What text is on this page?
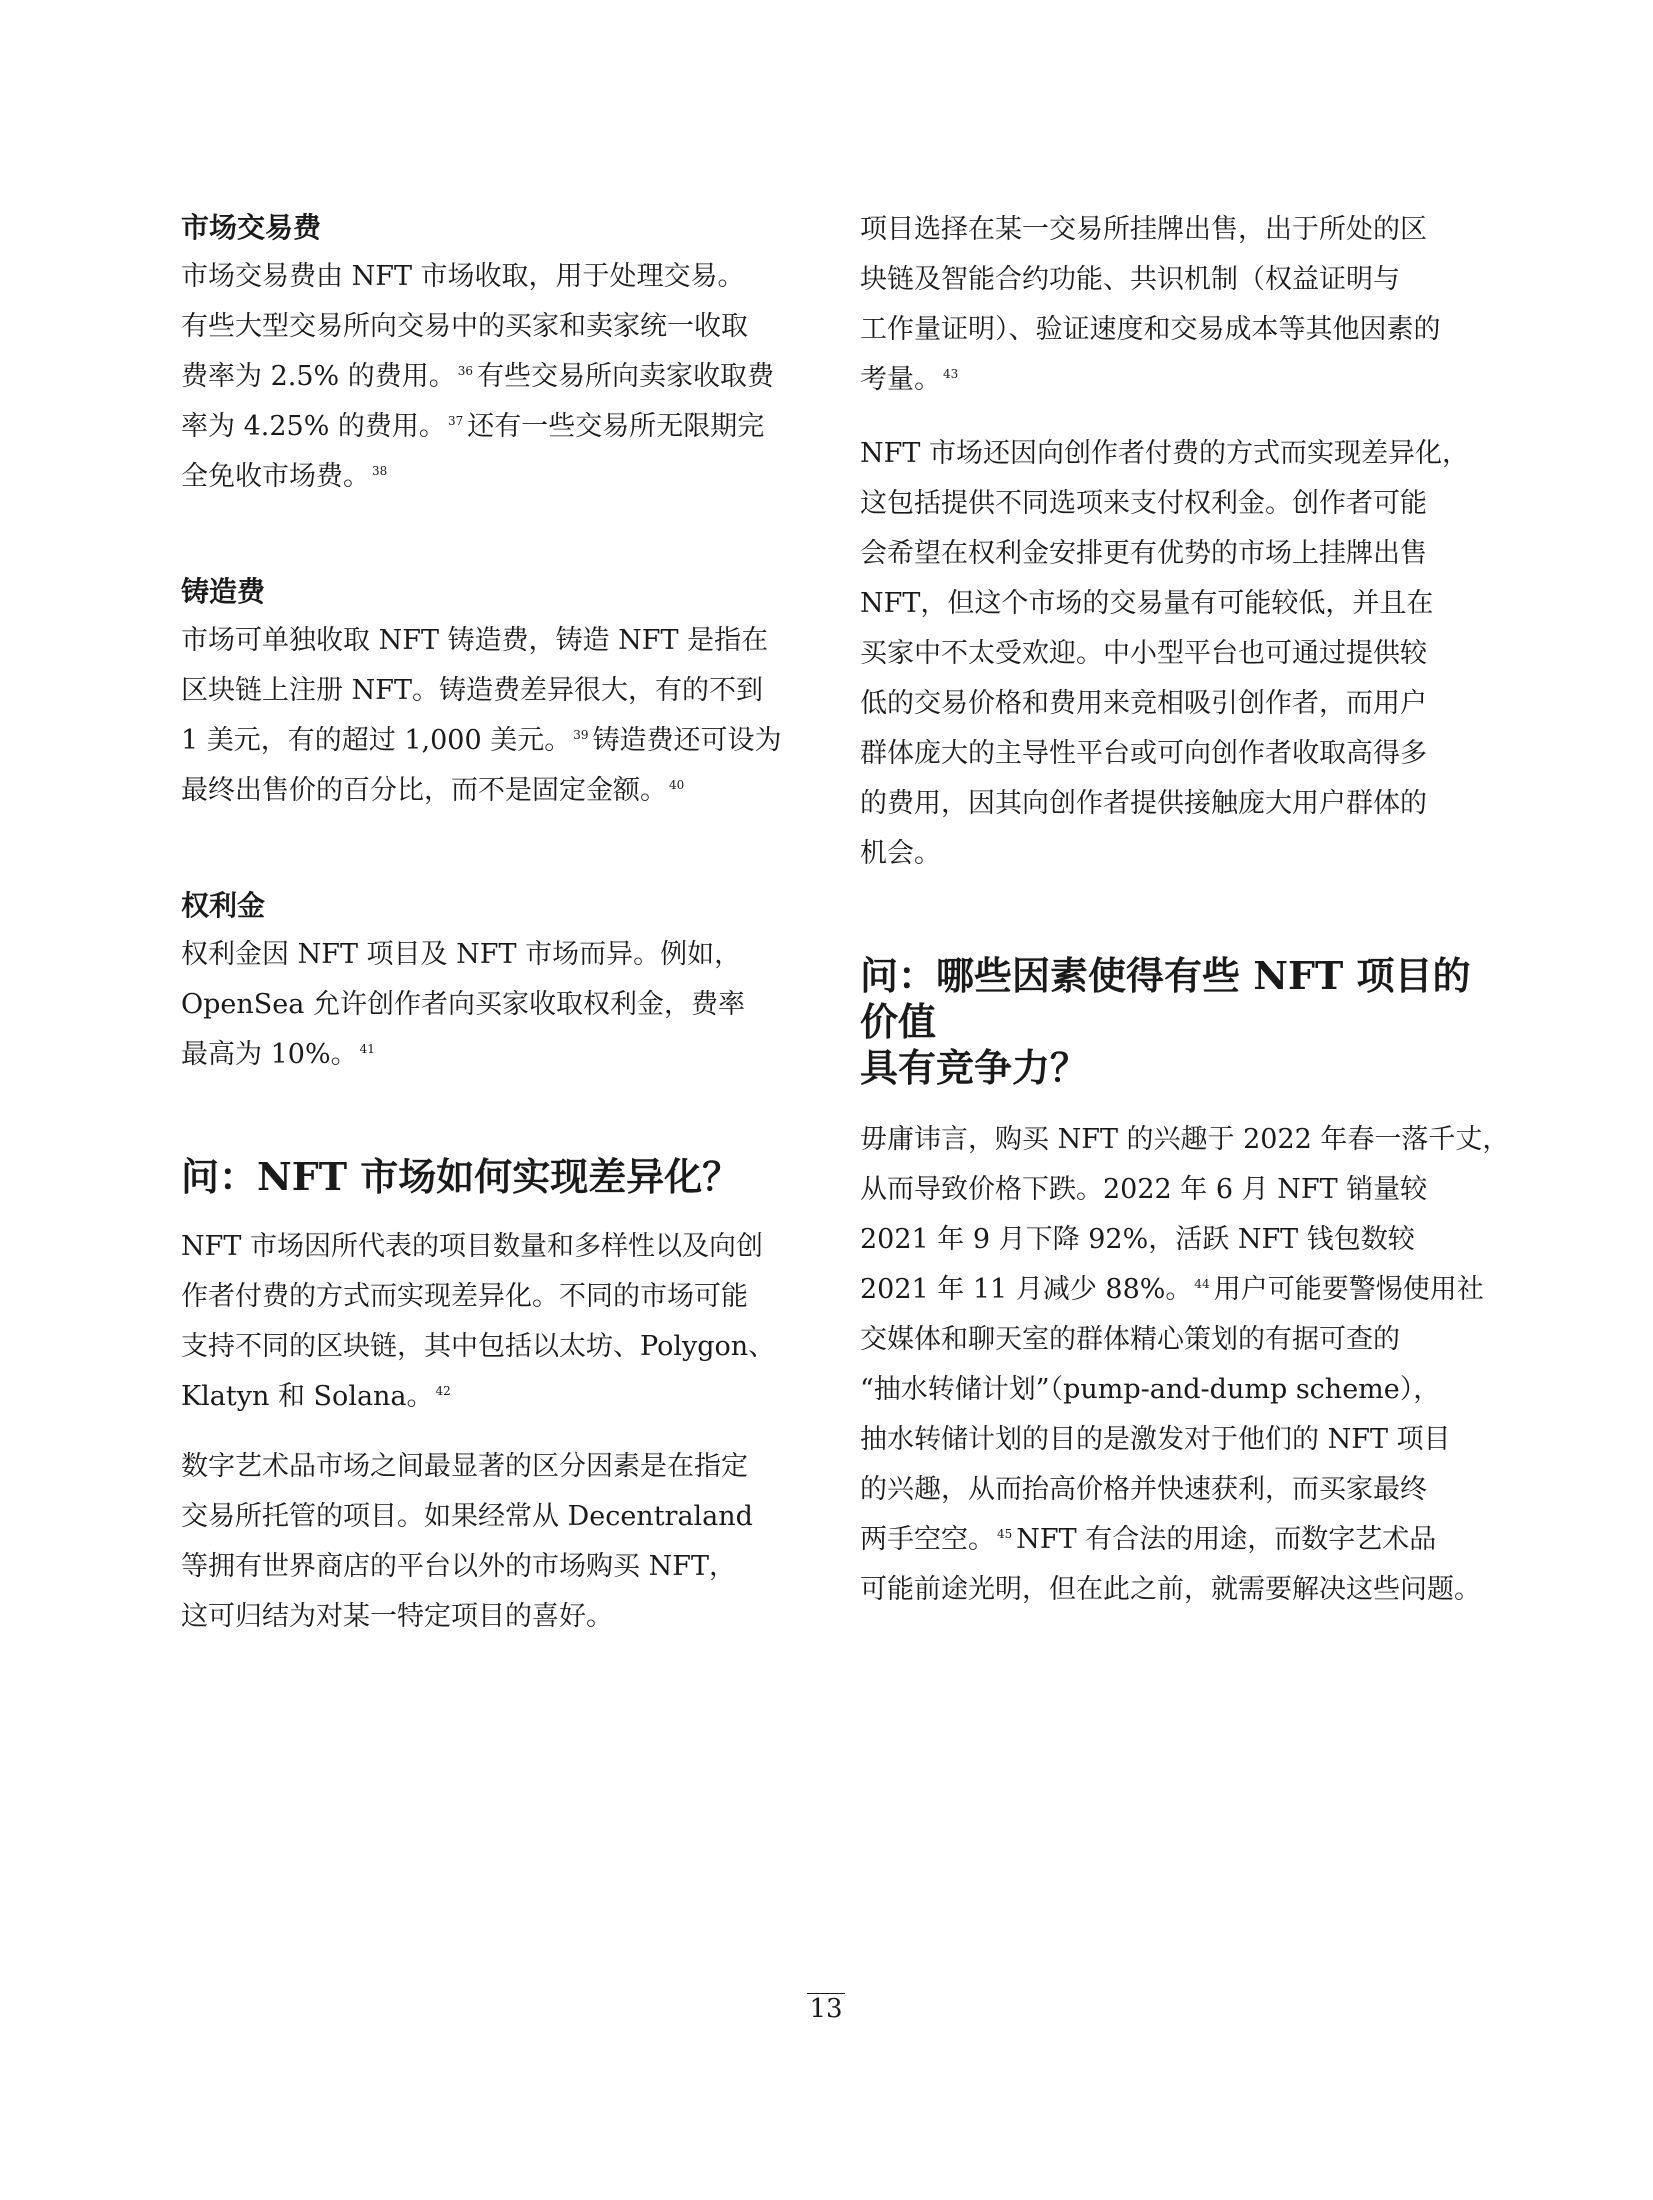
市场交易费

市场交易费由 NFT 市场收取，用于处理交易。

有些大型交易所向交易中的买家和卖家统一收取

费率为 2.5% 的费用。 $^{36}$ 有些交易所向卖家收取费

率为 4.25% 的费用。 $^{37}$ 还有一些交易所无限期完

全免收市场费。 $^{38}$

铸造费

市场可单独收取 NFT 铸造费，铸造 NFT 是指在

区块链上注册 NFT。铸造费差异很大，有的不到

1 美元，有的超过 1,000 美元。 $^{39}$ 铸造费还可设为

最终出售价的百分比，而不是固定金额。 $^{40}$

权利金

权利金因 NFT 项目及 NFT 市场而异。例如，

OpenSea 允许创作者向买家收取权利金，费率

最高为 10%。 $^{41}$

问：NFT 市场如何实现差异化？

NFT 市场因所代表的项目数量和多样性以及向创

作者付费的方式而实现差异化。不同的市场可能

支持不同的区块链，其中包括以太坊、Polygon、

Klatyn 和 Solana。 $^{42}$

数字艺术品市场之间最显著的区分因素是在指定

交易所托管的项目。如果经常从 Decentraland

等拥有世界商店的平台以外的市场购买 NFT，

这可归结为对某一特定项目的喜好。

项目选择在某一交易所挂牌出售，出于所处的区

块链及智能合约功能、共识机制（权益证明与

工作量证明）、验证速度和交易成本等其他因素的

考量。 $^{43}$

NFT 市场还因向创作者付费的方式而实现差异化，

这包括提供不同选项来支付权利金。创作者可能

会希望在权利金安排更有优势的市场上挂牌出售

NFT，但这个市场的交易量有可能较低，并且在

买家中不太受欢迎。中小型平台也可通过提供较

低的交易价格和费用来竞相吸引创作者，而用户

群体庞大的主导性平台或可向创作者收取高得多

的费用，因其向创作者提供接触庞大用户群体的

机会。

问：哪些因素使得有些 NFT 项目的价值
具有竞争力？

毋庸讳言，购买 NFT 的兴趣于 2022 年春一落千丈，

从而导致价格下跌。2022 年 6 月 NFT 销量较

2021 年 9 月下降 92%，活跃 NFT 钱包数较

2021 年 11 月减少 88%。 $^{44}$ 用户可能要警惕使用社

交媒体和聊天室的群体精心策划的有据可查的

“抽水转储计划”（pump-and-dump scheme），

抽水转储计划的目的是激发对于他们的 NFT 项目

的兴趣，从而抬高价格并快速获利，而买家最终

两手空空。 $^{45}$ NFT 有合法的用途，而数字艺术品

可能前途光明，但在此之前，就需要解决这些问题。

13
